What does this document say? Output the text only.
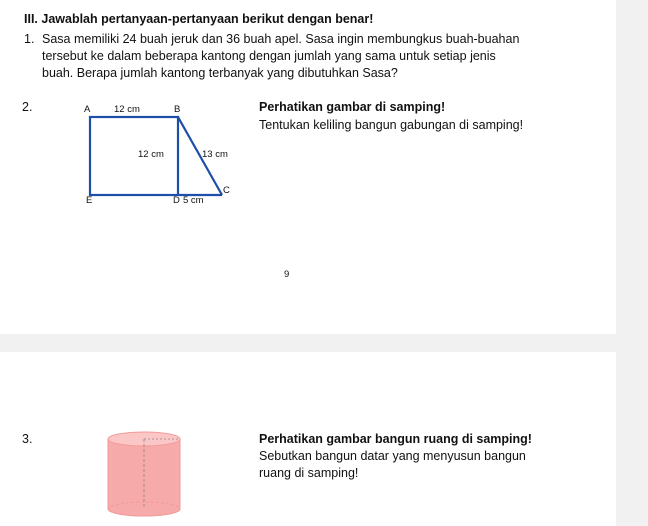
III. Jawablah pertanyaan-pertanyaan berikut dengan benar!
1. Sasa memiliki 24 buah jeruk dan 36 buah apel. Sasa ingin membungkus buah-buahan
tersebut ke dalam beberapa kantong dengan jumlah yang sama untuk setiap jenis
buah. Berapa jumlah kantong terbanyak yang dibutuhkan Sasa?
2.	A 12 cm	B
12 cm	13 cm
C
E	D 5 cm
Perhatikan gambar di samping!
Tentukan keliling bangun gabungan di samping!
9
3.	Perhatikan gambar bangun ruang di samping!
Sebutkan bangun datar yang menyusun bangun
ruang di samping!
